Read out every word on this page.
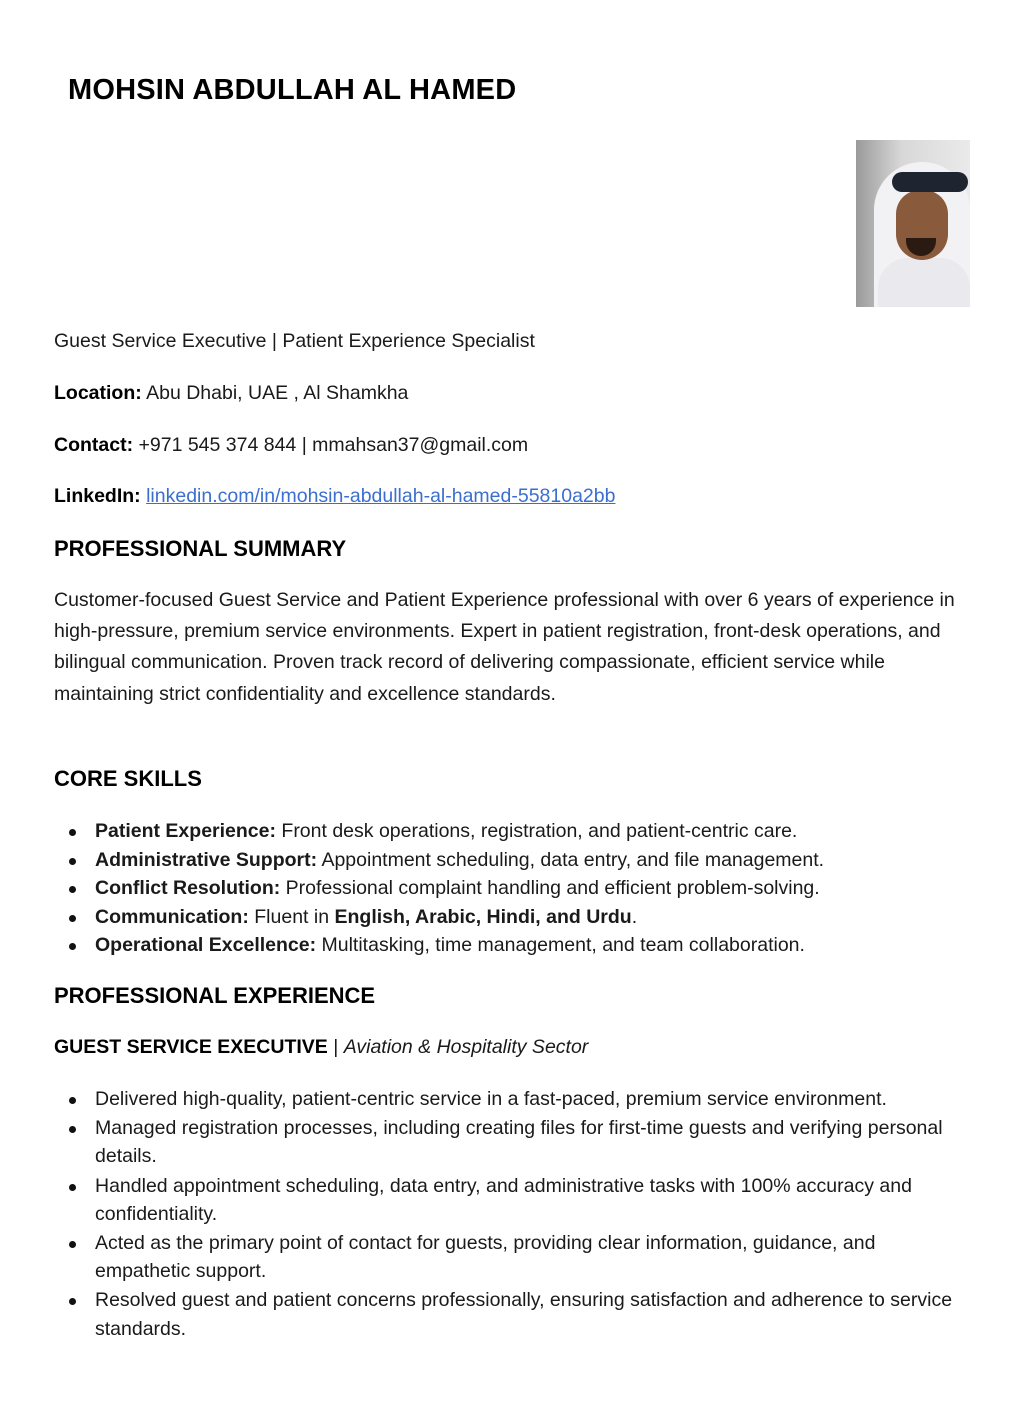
MOHSIN ABDULLAH AL HAMED
Guest Service Executive | Patient Experience Specialist
Location: Abu Dhabi, UAE , Al Shamkha
Contact: +971 545 374 844 | mmahsan37@gmail.com
LinkedIn: linkedin.com/in/mohsin-abdullah-al-hamed-55810a2bb
PROFESSIONAL SUMMARY
Customer-focused Guest Service and Patient Experience professional with over 6 years of experience in high-pressure, premium service environments. Expert in patient registration, front-desk operations, and bilingual communication. Proven track record of delivering compassionate, efficient service while maintaining strict confidentiality and excellence standards.
CORE SKILLS
Patient Experience: Front desk operations, registration, and patient-centric care.
Administrative Support: Appointment scheduling, data entry, and file management.
Conflict Resolution: Professional complaint handling and efficient problem-solving.
Communication: Fluent in English, Arabic, Hindi, and Urdu.
Operational Excellence: Multitasking, time management, and team collaboration.
PROFESSIONAL EXPERIENCE
GUEST SERVICE EXECUTIVE | Aviation & Hospitality Sector
Delivered high-quality, patient-centric service in a fast-paced, premium service environment.
Managed registration processes, including creating files for first-time guests and verifying personal details.
Handled appointment scheduling, data entry, and administrative tasks with 100% accuracy and confidentiality.
Acted as the primary point of contact for guests, providing clear information, guidance, and empathetic support.
Resolved guest and patient concerns professionally, ensuring satisfaction and adherence to service standards.
